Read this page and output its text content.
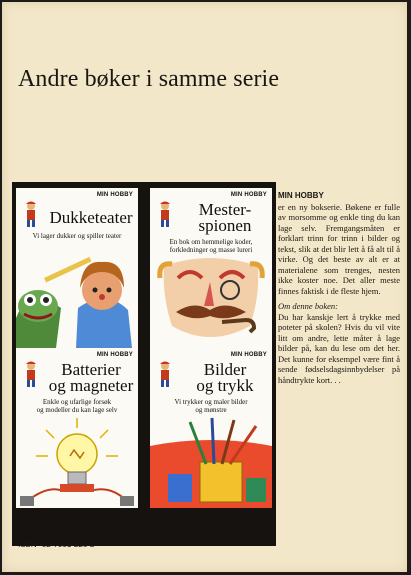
Andre bøker i samme serie
MIN HOBBY
Dukketeater
Vi lager dukker og spiller teater
MIN HOBBY
Mester-
spionen
En bok om hemmelige koder,
forkledninger og masse lureri
MIN HOBBY
Batterier
og magneter
Enkle og ufarlige forsøk
og modeller du kan lage selv
MIN HOBBY
Bilder
og trykk
Vi trykker og maler bilder
og mønstre

MIN HOBBY

er en ny bokserie. Bøkene er fulle av morsomme og enkle ting du kan lage selv. Fremgangsmåten er forklart trinn for trinn i bilder og tekst, slik at det blir lett å få alt til å virke. Og det beste av alt er at materialene som trenges, nesten ikke koster noe. Det aller meste finnes faktisk i de fleste hjem.

Om denne boken:

Du har kanskje lert å trykke med poteter på skolen? Hvis du vil vite litt om andre, lette måter å lage bilder på, kan du lese om det her. Det kunne for eksempel være fint å sende fødselsdagsinnbydelser på håndtrykte kort. . .

ISBN 82-7001-226-2
